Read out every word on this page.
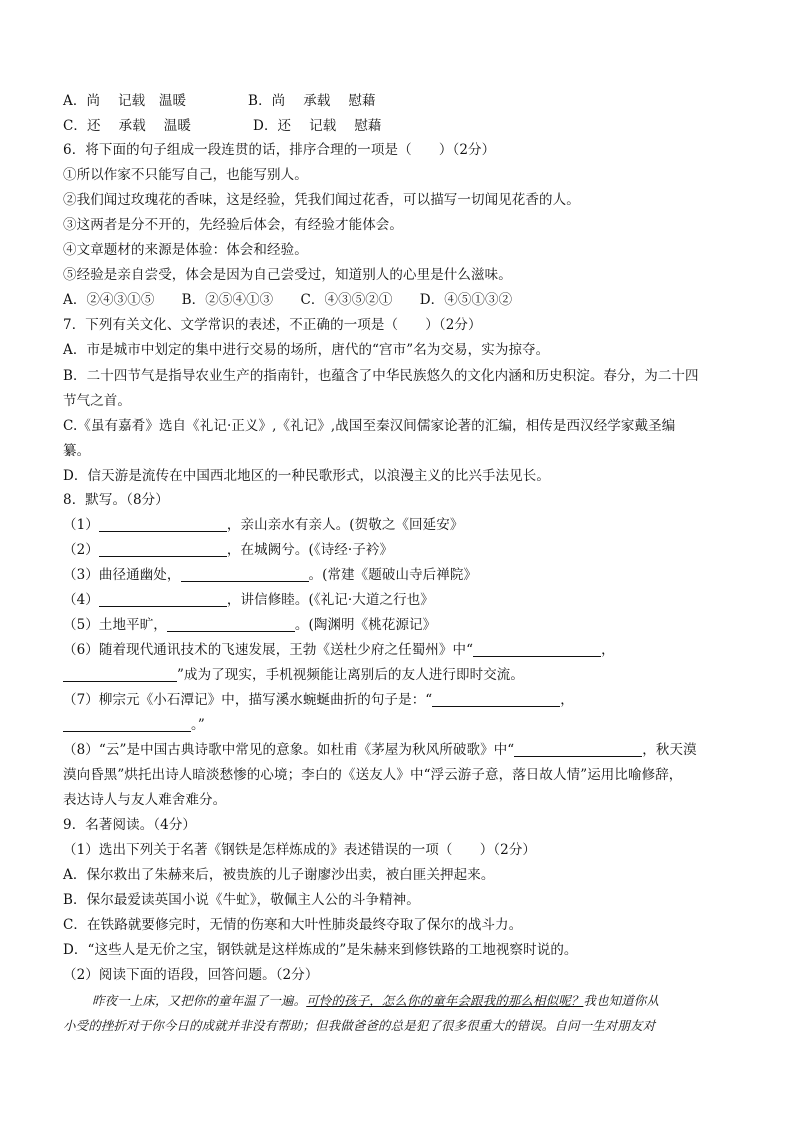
A．尚　 记载　温暖	B．尚　 承载　 慰藉
C．还　 承载　 温暖	D．还　 记载　 慰藉
6．将下面的句子组成一段连贯的话，排序合理的一项是（　　）（2分）
①所以作家不只能写自己，也能写别人。
②我们闻过玫瑰花的香味，这是经验，凭我们闻过花香，可以描写一切闻见花香的人。
③这两者是分不开的，先经验后体会，有经验才能体会。
④文章题材的来源是体验：体会和经验。
⑤经验是亲自尝受，体会是因为自己尝受过，知道别人的心里是什么滋味。
A．②④③①⑤　　B．②⑤④①③　　C．④③⑤②①　　D．④⑤①③②
7．下列有关文化、文学常识的表述，不正确的一项是（　　）（2分）
A．市是城市中划定的集中进行交易的场所，唐代的“宫市”名为交易，实为掠夺。
B．二十四节气是指导农业生产的指南针，也蕴含了中华民族悠久的文化内涵和历史积淀。春分，为二十四
节气之首。
C.《虽有嘉肴》选自《礼记·正义》,《礼记》,战国至秦汉间儒家论著的汇编，相传是西汉经学家戴圣编
纂。
D．信天游是流传在中国西北地区的一种民歌形式，以浪漫主义的比兴手法见长。
8．默写。（8分）
（1）	，亲山亲水有亲人。(贺敬之《回延安》
（2）	，在城阙兮。(《诗经·子衿》
（3）曲径通幽处，	。(常建《题破山寺后禅院》
（4）	，讲信修睦。(《礼记·大道之行也》
（5）土地平旷，	。(陶渊明《桃花源记》
（6）随着现代通讯技术的飞速发展，王勃《送杜少府之任蜀州》中“	，
”成为了现实，手机视频能让离别后的友人进行即时交流。
（7）柳宗元《小石潭记》中，描写溪水蜿蜒曲折的句子是：“	，
。”
（8）“云”是中国古典诗歌中常见的意象。如杜甫《茅屋为秋风所破歌》中“	，秋天漠
漠向昏黑”烘托出诗人暗淡愁惨的心境；李白的《送友人》中“浮云游子意，落日故人情”运用比喻修辞，
表达诗人与友人难舍难分。
9．名著阅读。（4分）
（1）选出下列关于名著《钢铁是怎样炼成的》表述错误的一项（　　）（2分）
A．保尔救出了朱赫来后，被贵族的儿子谢廖沙出卖，被白匪关押起来。
B．保尔最爱读英国小说《牛虻》，敬佩主人公的斗争精神。
C．在铁路就要修完时，无情的伤寒和大叶性肺炎最终夺取了保尔的战斗力。
D．“这些人是无价之宝，钢铁就是这样炼成的”是朱赫来到修铁路的工地视察时说的。
（2）阅读下面的语段，回答问题。（2分）
昨夜一上床，又把你的童年温了一遍。可怜的孩子，怎么你的童年会跟我的那么相似呢？我也知道你从
小受的挫折对于你今日的成就并非没有帮助；但我做爸爸的总是犯了很多很重大的错误。自问一生对朋友对
